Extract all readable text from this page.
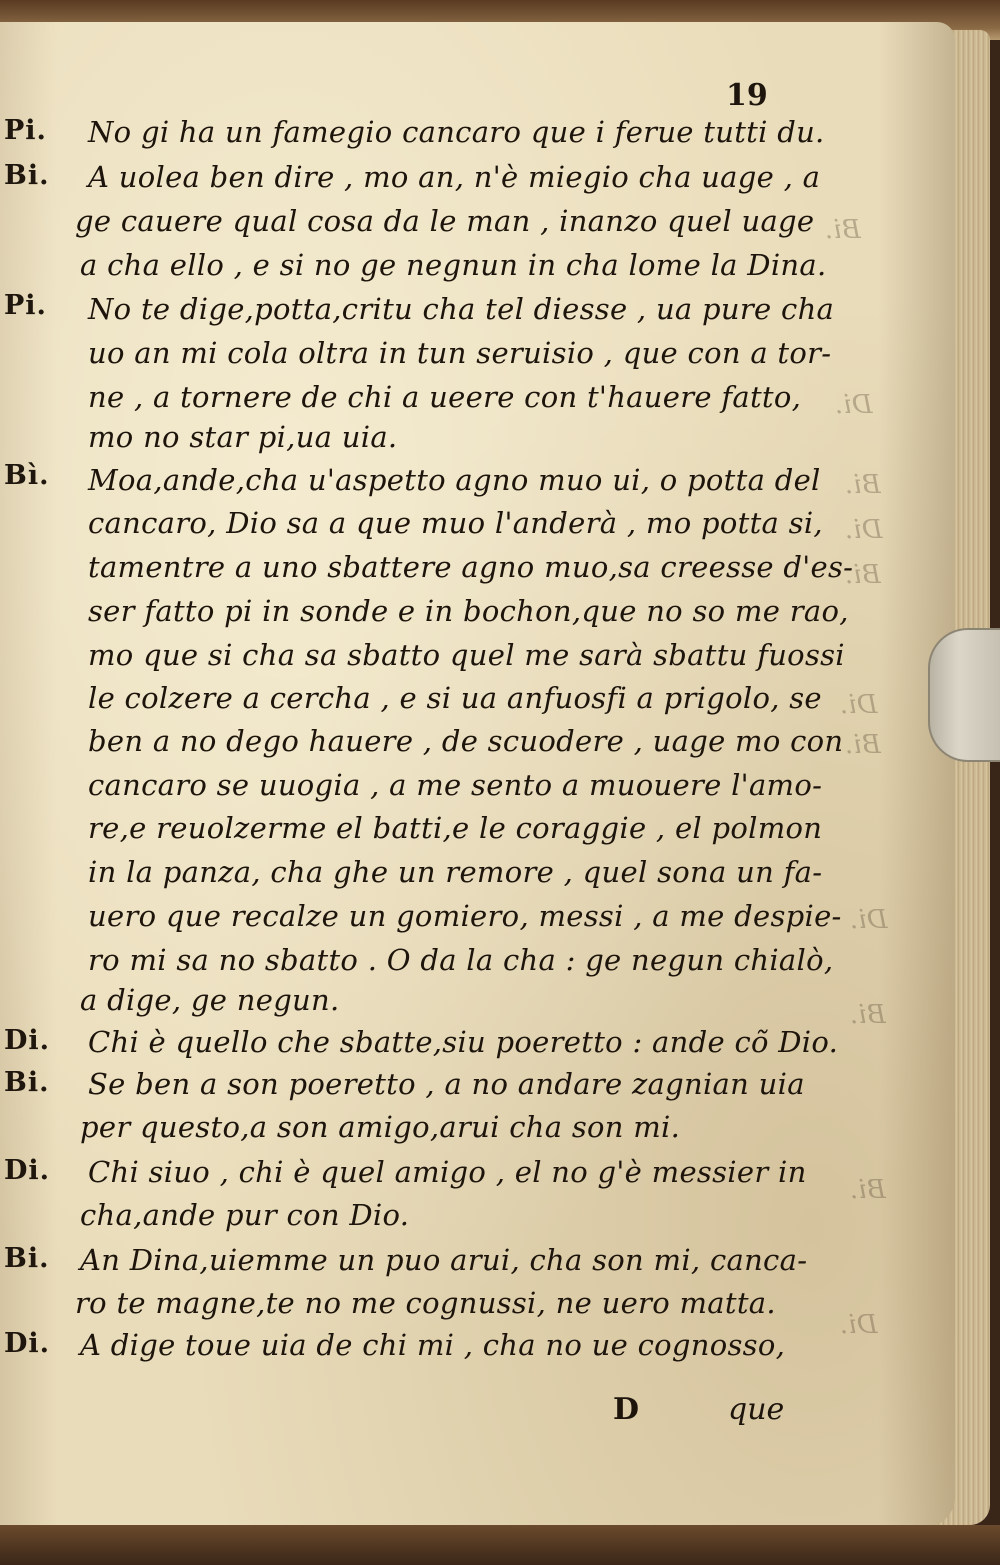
Bi.
Di.
Bi.
Di.
Bi.
Di.
Bi.
Di.
Bi.
Bi.
Di.
19
Pi.
Bi.
Pi.
Bì.
Di.
Bi.
Di.
Bi.
Di.
No gi ha un famegio cancaro que i ferue tutti du.
A uolea ben dire , mo an, n'è miegio cha uage , a
ge cauere qual cosa da le man , inanzo quel uage
a cha ello , e si no ge negnun in cha lome la Dina.
No te dige,potta,critu cha tel diesse , ua pure cha
uo an mi cola oltra in tun seruisio , que con a tor-
ne , a tornere de chi a ueere con t'hauere fatto,
mo no star pi,ua uia.
Moa,ande,cha u'aspetto agno muo ui, o potta del
cancaro, Dio sa a que muo l'anderà , mo potta si,
tamentre a uno sbattere agno muo,sa creesse d'es-
ser fatto pi in sonde e in bochon,que no so me rao,
mo que si cha sa sbatto quel me sarà sbattu fuossi
le colzere a cercha , e si ua anfuosfi a prigolo, se
ben a no dego hauere , de scuodere , uage mo con
cancaro se uuogia , a me sento a muouere l'amo-
re,e reuolzerme el batti,e le coraggie , el polmon
in la panza, cha ghe un remore , quel sona un fa-
uero que recalze un gomiero, messi , a me despie-
ro mi sa no sbatto . O da la cha : ge negun chialò,
a dige, ge negun.
Chi è quello che sbatte,siu poeretto : ande cõ Dio.
Se ben a son poeretto , a no andare zagnian uia
per questo,a son amigo,arui cha son mi.
Chi siuo , chi è quel amigo , el no g'è messier in
cha,ande pur con Dio.
An Dina,uiemme un puo arui, cha son mi, canca-
ro te magne,te no me cognussi, ne uero matta.
A dige toue uia de chi mi , cha no ue cognosso,
D	que
